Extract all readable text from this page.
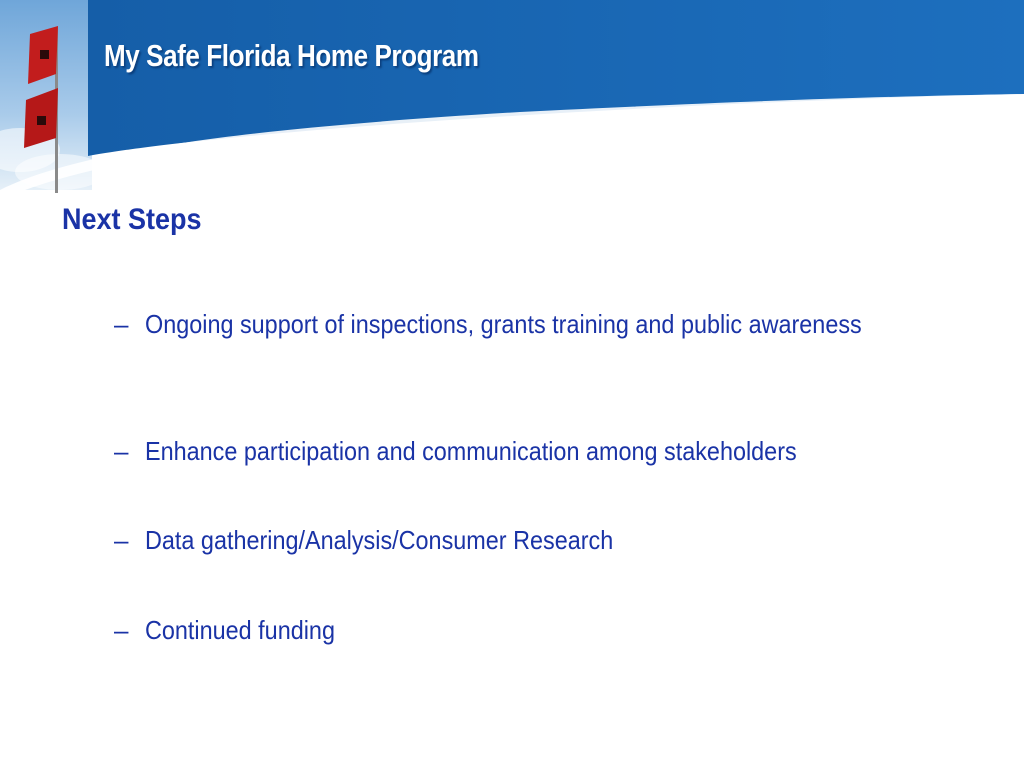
My Safe Florida Home Program
Next Steps
– Ongoing support of inspections, grants training and public awareness
– Enhance participation and communication among stakeholders
– Data gathering/Analysis/Consumer Research
– Continued funding
